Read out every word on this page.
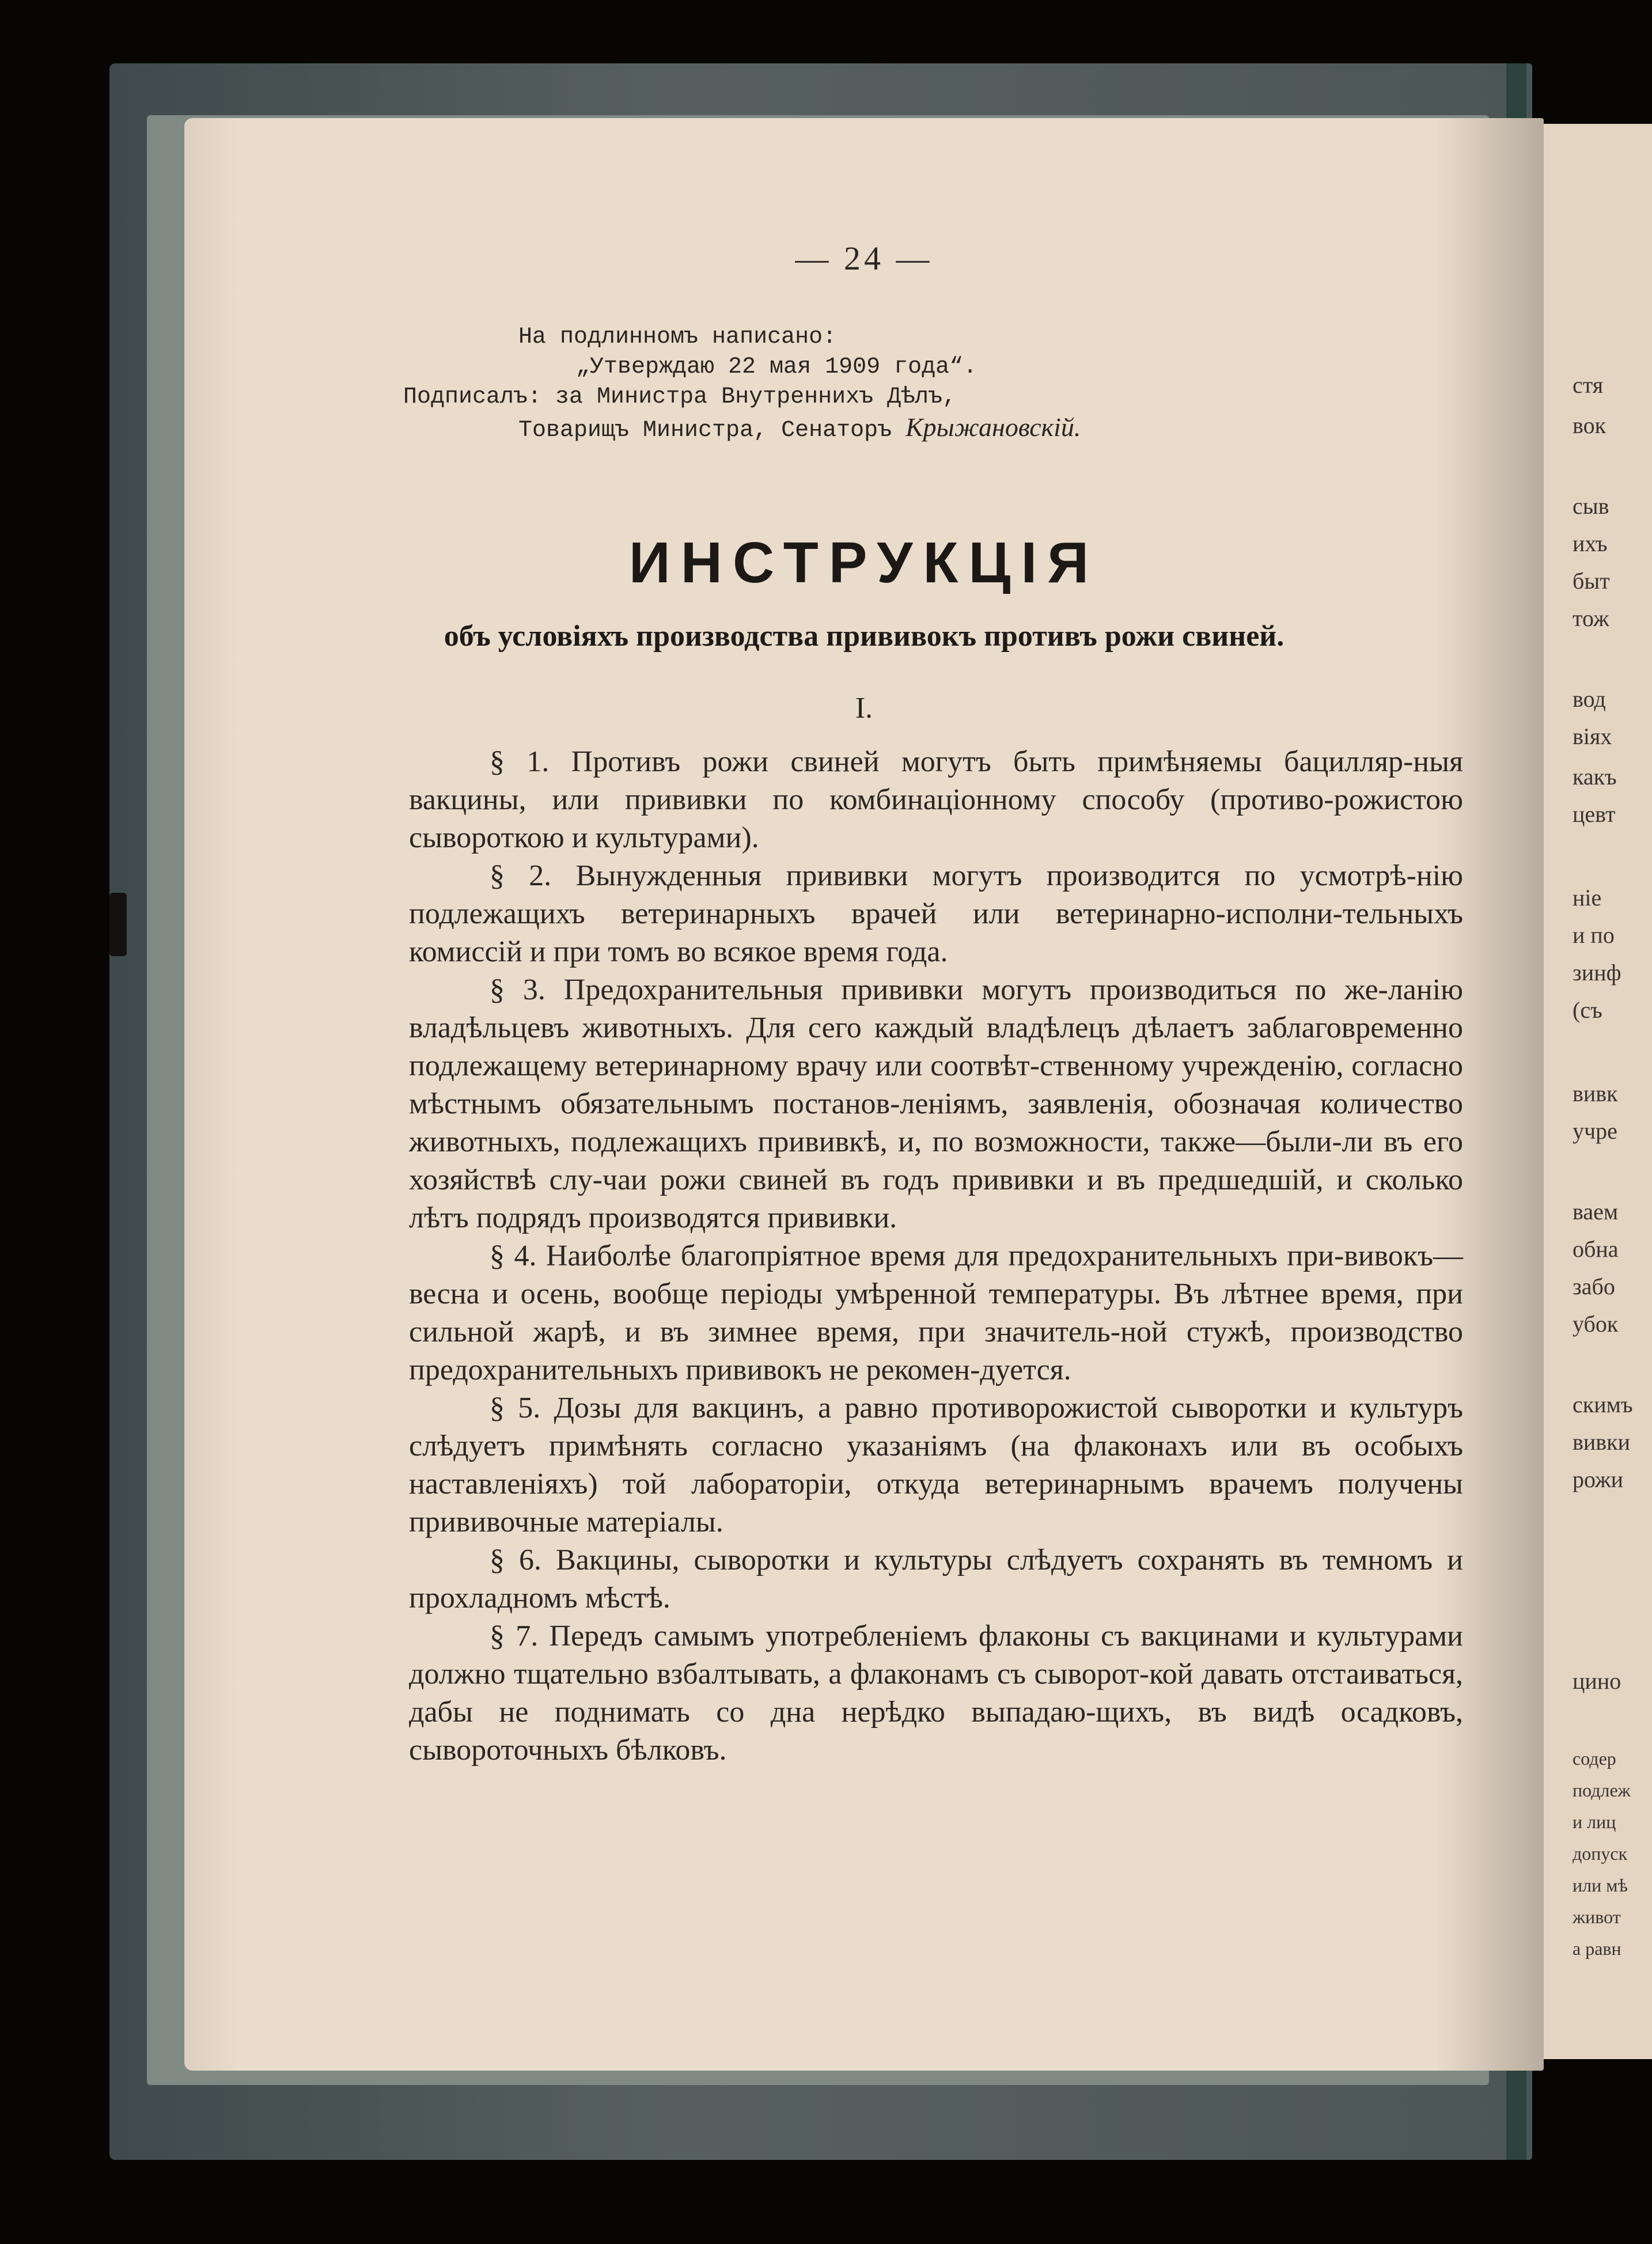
стя
вок
сыв
ихъ
быт
тож
вод
віях
какъ
цевт
ніе
и по
зинф
(съ
вивк
учре
ваем
обна
забо
убок
скимъ
вивки
рожи
цино
содер
подлеж
и лиц
допуск
или мѣ
живот
а равн
— 24 —
На подлинномъ написано:
„Утверждаю 22 мая 1909 года“.
Подписалъ: за Министра Внутреннихъ Дѣлъ,
Товарищъ Министра, Сенаторъ Крыжановскій.
ИНСТРУКЦІЯ
объ условіяхъ производства прививокъ противъ рожи свиней.
I.

§ 1. Противъ рожи свиней могутъ быть примѣняемы бацилляр-ныя вакцины, или прививки по комбинаціонному способу (противо-рожистою сывороткою и культурами).

§ 2. Вынужденныя прививки могутъ производится по усмотрѣ-нію подлежащихъ ветеринарныхъ врачей или ветеринарно-исполни-тельныхъ комиссій и при томъ во всякое время года.

§ 3. Предохранительныя прививки могутъ производиться по же-ланію владѣльцевъ животныхъ. Для сего каждый владѣлецъ дѣлаетъ заблаговременно подлежащему ветеринарному врачу или соотвѣт-ственному учрежденію, согласно мѣстнымъ обязательнымъ постанов-леніямъ, заявленія, обозначая количество животныхъ, подлежащихъ прививкѣ, и, по возможности, также—были-ли въ его хозяйствѣ слу-чаи рожи свиней въ годъ прививки и въ предшедшій, и сколько лѣтъ подрядъ производятся прививки.

§ 4. Наиболѣе благопріятное время для предохранительныхъ при-вивокъ—весна и осень, вообще періоды умѣренной температуры. Въ лѣтнее время, при сильной жарѣ, и въ зимнее время, при значитель-ной стужѣ, производство предохранительныхъ прививокъ не рекомен-дуется.

§ 5. Дозы для вакцинъ, а равно противорожистой сыворотки и культуръ слѣдуетъ примѣнять согласно указаніямъ (на флаконахъ или въ особыхъ наставленіяхъ) той лабораторіи, откуда ветеринарнымъ врачемъ получены прививочные матеріалы.

§ 6. Вакцины, сыворотки и культуры слѣдуетъ сохранять въ темномъ и прохладномъ мѣстѣ.

§ 7. Передъ самымъ употребленіемъ флаконы съ вакцинами и культурами должно тщательно взбалтывать, а флаконамъ съ сыворот-кой давать отстаиваться, дабы не поднимать со дна нерѣдко выпадаю-щихъ, въ видѣ осадковъ, сывороточныхъ бѣлковъ.
